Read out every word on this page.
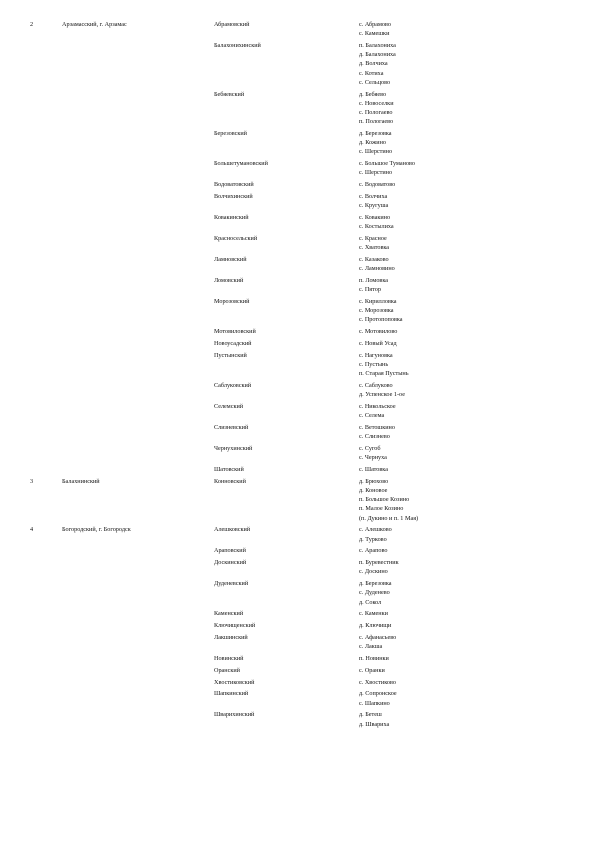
2	Арзамасский, г. Арзамас	Абрамовский	с. Абрамово
с. Камешки

		Балахонихинский	п. Балахониха
д. Балахониха
д. Волчиха
с. Котиха
с. Сельцово

		Бебяевский	д. Бебяево
с. Новоселки
с. Пологаево
п. Пологаево

		Березовский	д. Березовка
д. Кожино
с. Шерстино

		Большетумановский	с. Большое Туманово
с. Шерстино

		Водоватовский	с. Водоватово

		Волчихинский	с. Волчиха
с. Кругуша

		Ковакинский	с. Ковакино
с. Костылиха

		Красносельский	с. Красное
с. Хватовка

		Ламновский	с. Казаково
с. Ламновино

		Ломовский	п. Ломовка
с. Пятор

		Морозовский	с. Кирилловка
с. Морозовка
с. Протопоповка

		Мотовиловский	с. Мотовилово

		Новоусадский	с. Новый Усад

		Пустынский	с. Нагуновка
с. Пустынь
п. Старая Пустынь

		Саблуковский	с. Саблуково
д. Успенское 1-ое

		Селемский	с. Никольское
с. Селема

		Слизневский	с. Ветошкино
с. Слизнево

		Чернухинский	с. Сугоб
с. Чернуха

		Шатовский	с. Шатовка

3	Балахнинский	Конновский	д. Брюхово
д. Коновое
п. Большое Козино
п. Малое Козино
(п. Дукино и п. 1 Мая)

4	Богородский, г. Богородск	Алешковский	с. Алешково
д. Турково

		Араповский	с. Арапово

		Доскинский	п. Буревестник
с. Доскино

		Дуденевский	д. Березовка
с. Дуденево
д. Сокол

		Каменский	с. Каменки

		Ключищенский	д. Ключищи

		Лакшинский	с. Афанасьево
с. Лакша

		Новинский	п. Новинки

		Оранский	с. Оранки

		Хвостиковский	с. Хвостиково

		Шапкинский	д. Сопронское
с. Шапкино

		Шварихинский	д. Бетеш
д. Швариха
